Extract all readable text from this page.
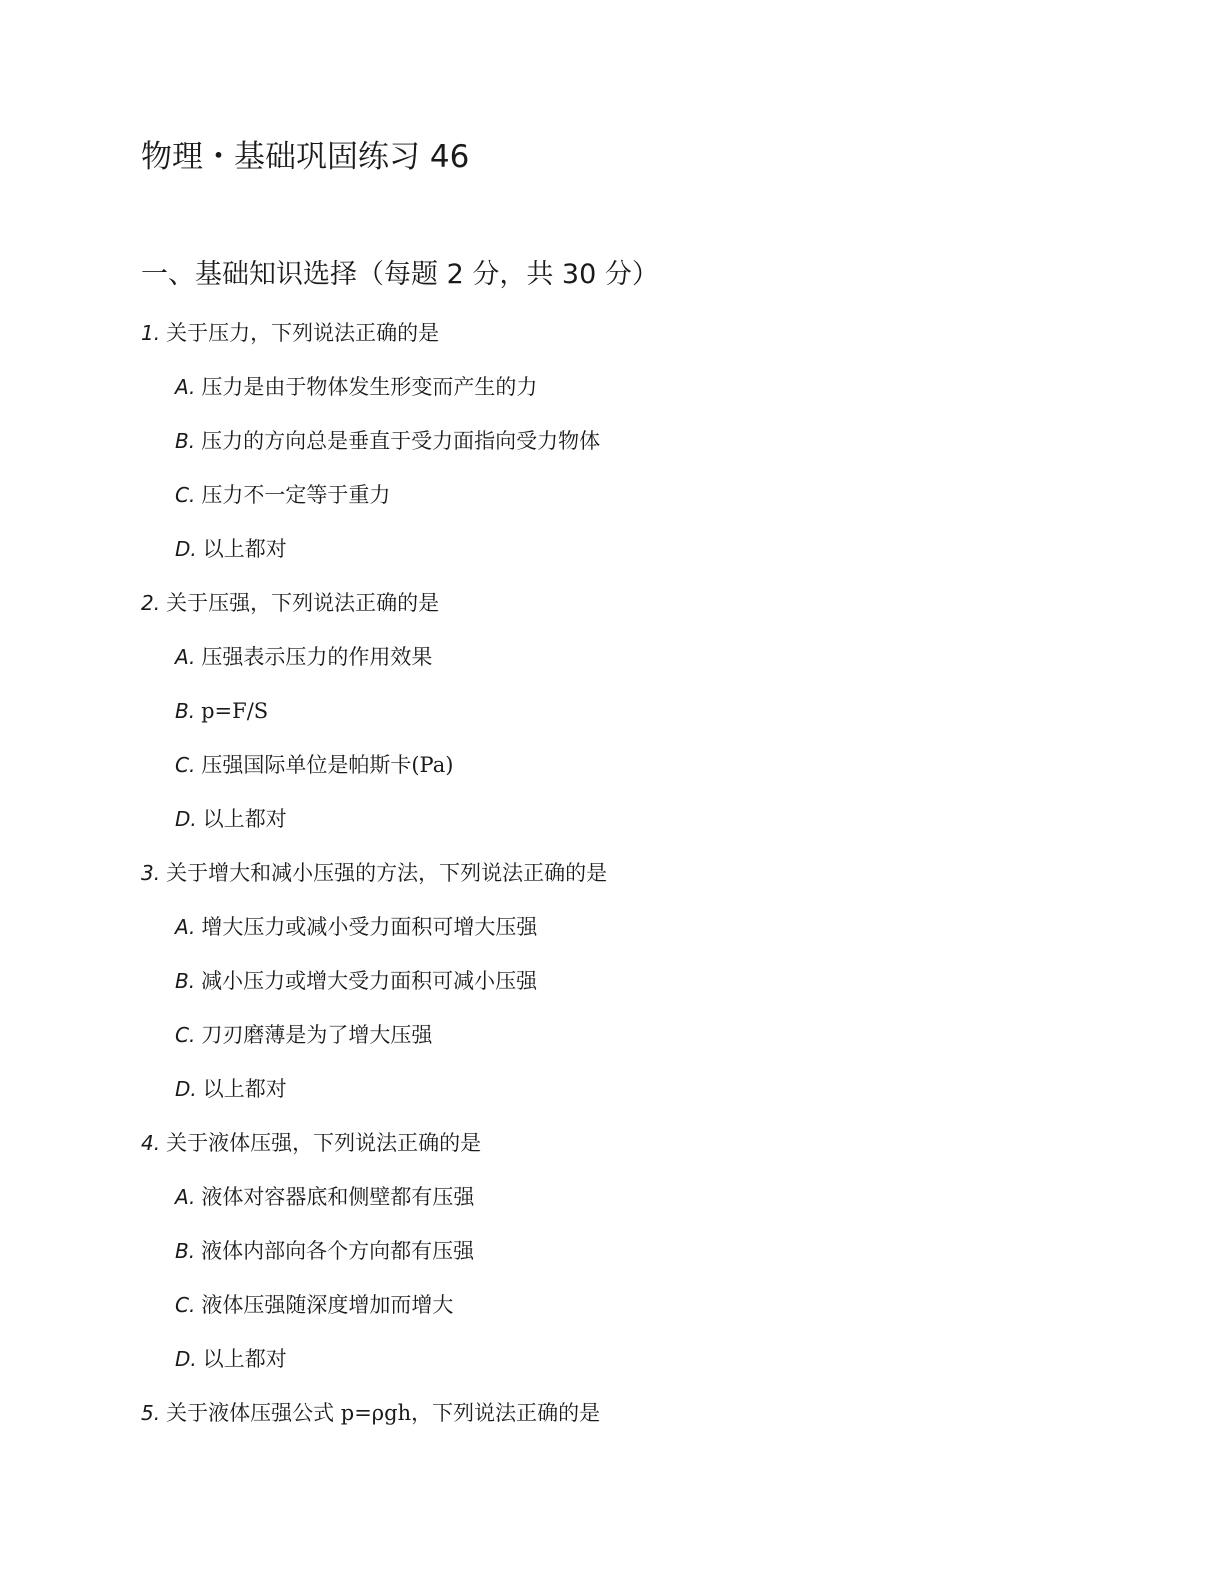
物理・基础巩固练习 46
一、基础知识选择（每题 2 分，共 30 分）
1. 关于压力，下列说法正确的是
A. 压力是由于物体发生形变而产生的力
B. 压力的方向总是垂直于受力面指向受力物体
C. 压力不一定等于重力
D. 以上都对
2. 关于压强，下列说法正确的是
A. 压强表示压力的作用效果
B. p=F/S
C. 压强国际单位是帕斯卡(Pa)
D. 以上都对
3. 关于增大和减小压强的方法，下列说法正确的是
A. 增大压力或减小受力面积可增大压强
B. 减小压力或增大受力面积可减小压强
C. 刀刃磨薄是为了增大压强
D. 以上都对
4. 关于液体压强，下列说法正确的是
A. 液体对容器底和侧壁都有压强
B. 液体内部向各个方向都有压强
C. 液体压强随深度增加而增大
D. 以上都对
5. 关于液体压强公式 p=ρgh，下列说法正确的是
